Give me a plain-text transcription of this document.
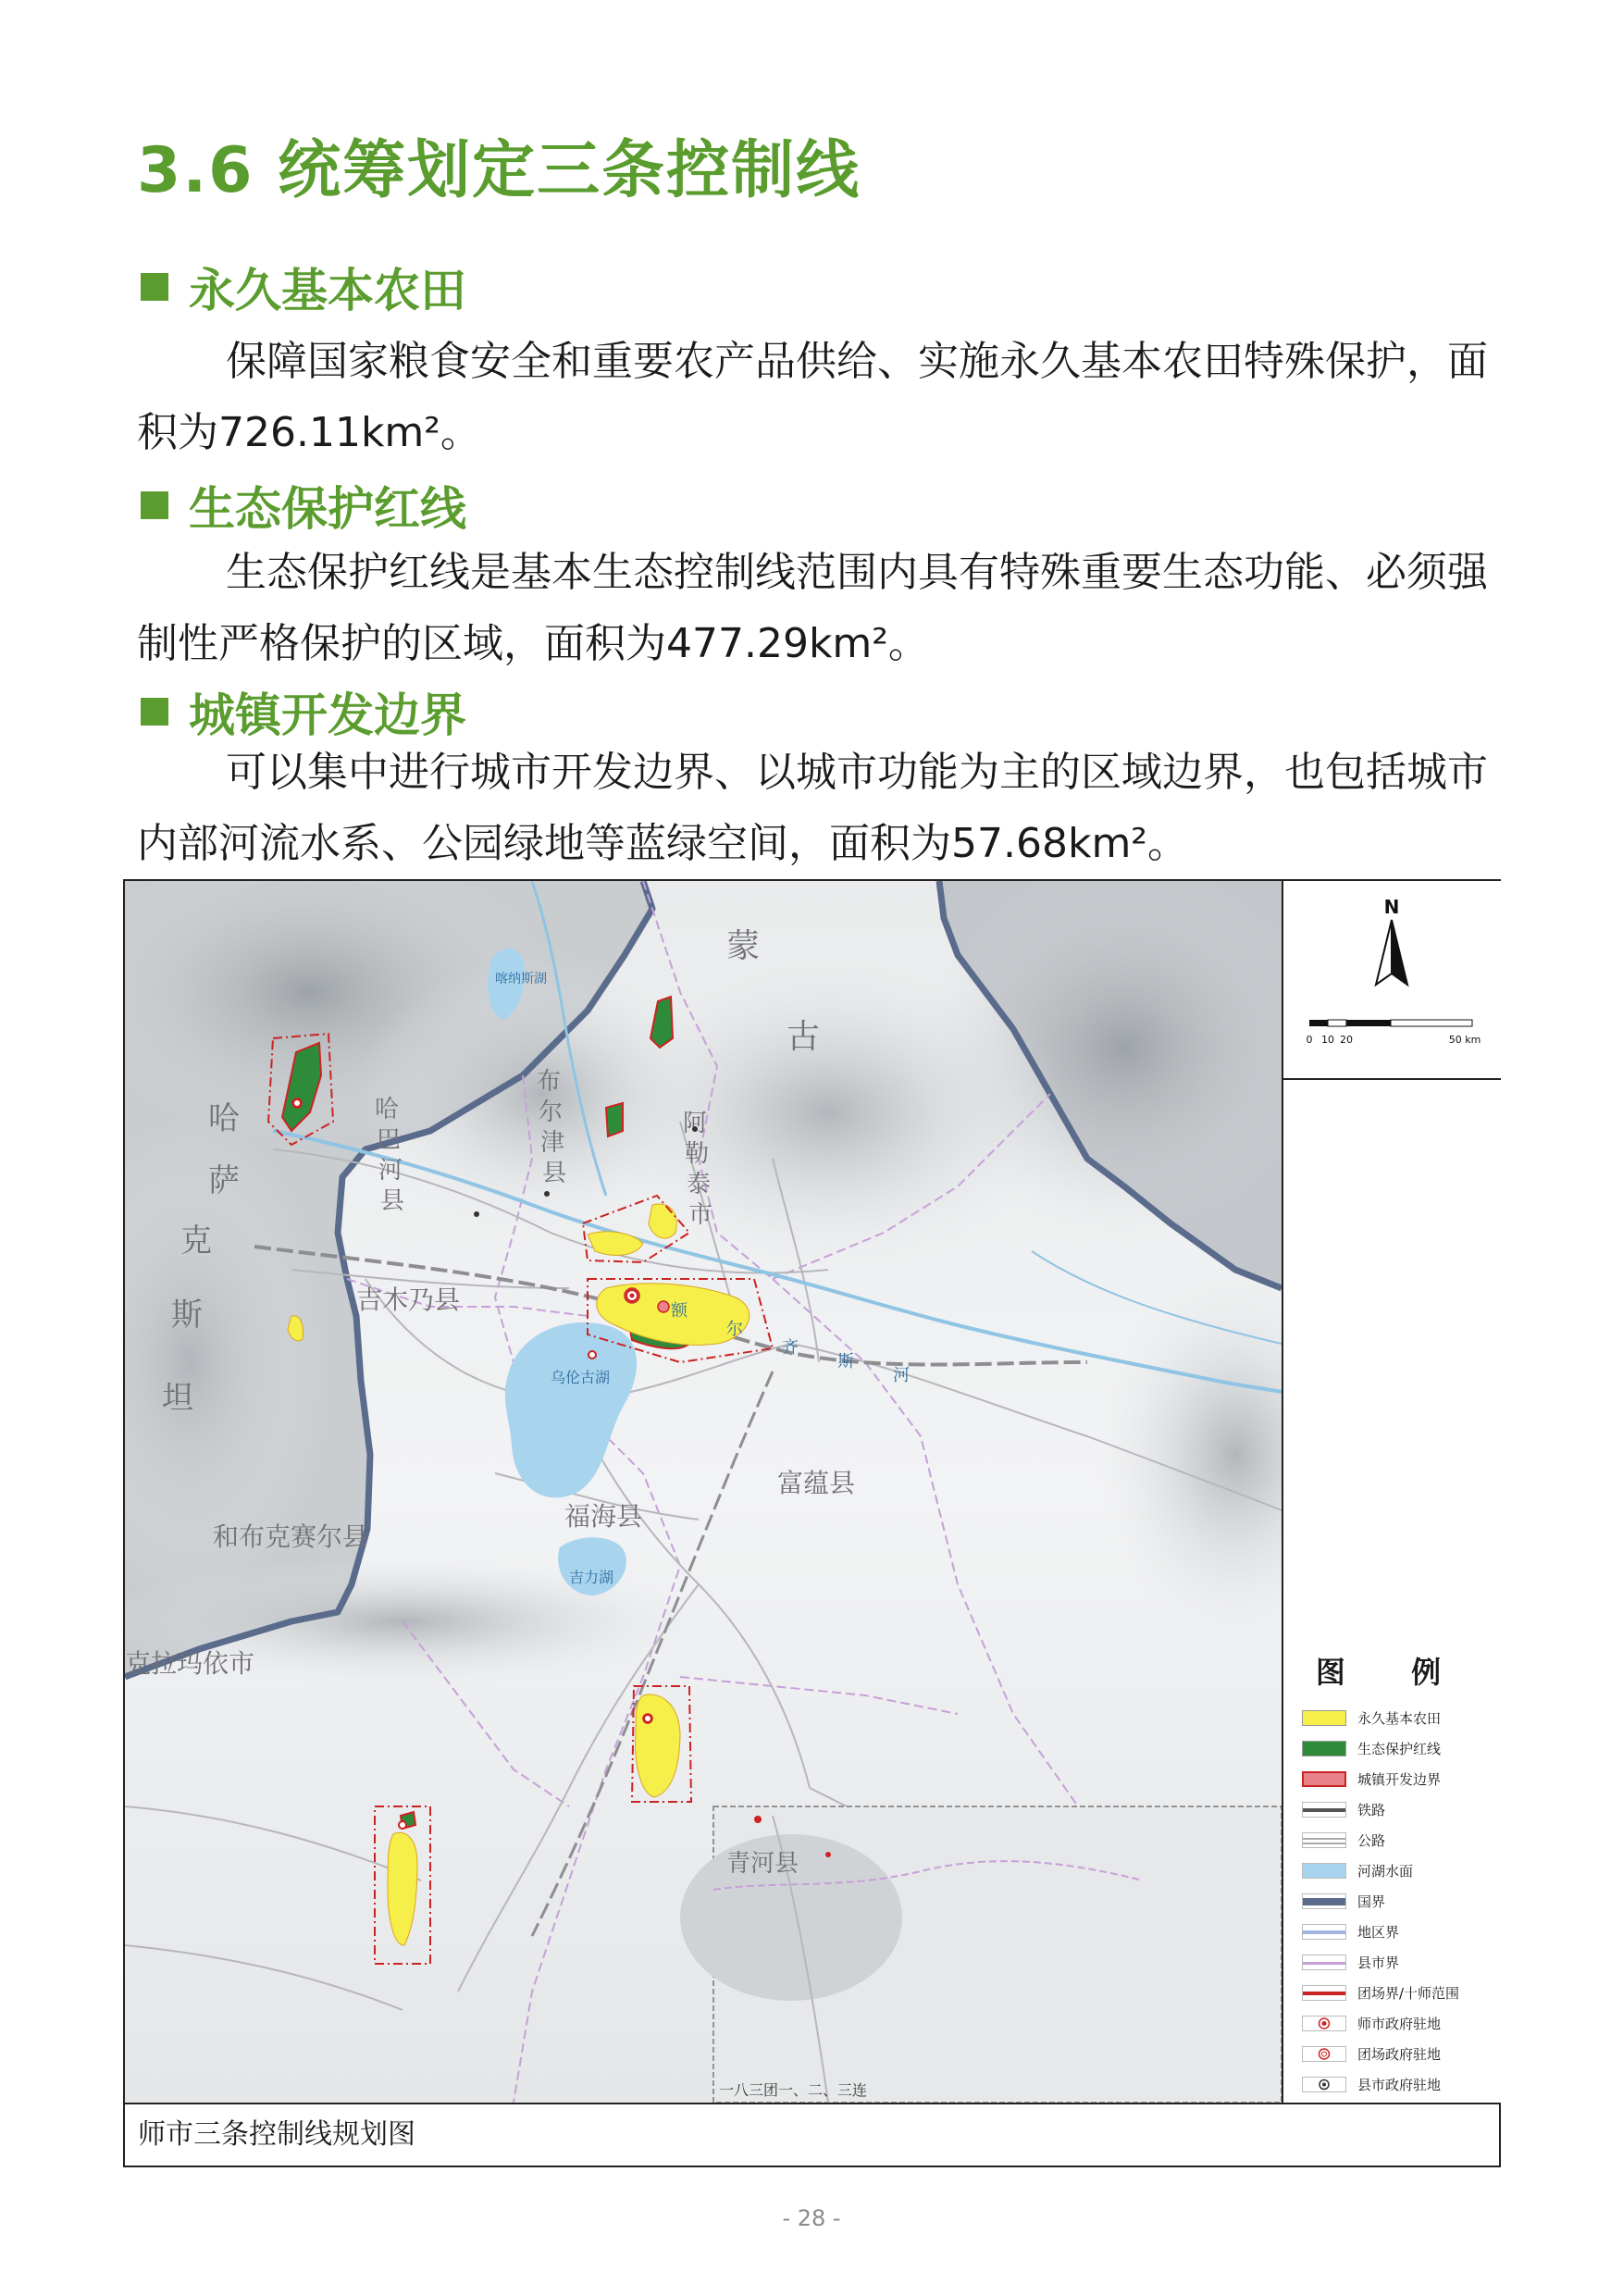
3.6 统筹划定三条控制线
永久基本农田

保障国家粮食安全和重要农产品供给、实施永久基本农田特殊保护，面积为726.11km²。

生态保护红线

生态保护红线是基本生态控制线范围内具有特殊重要生态功能、必须强制性严格保护的区域，面积为477.29km²。

城镇开发边界

可以集中进行城市开发边界、以城市功能为主的区域边界，也包括城市内部河流水系、公园绿地等蓝绿空间，面积为57.68km²。

蒙
古
哈
萨
克
斯
坦
布
尔
津
县
哈
巴
河
县
阿
勒
泰
市
吉木乃县
福海县
富蕴县
和布克赛尔县
克拉玛依市
青河县
乌伦古湖
吉力湖
喀纳斯湖
额
尔
齐
斯
河
一八三团一、二、三连
N
0 10 20	50 km

图 例

永久基本农田
生态保护红线
城镇开发边界
铁路
公路
河湖水面
国界
地区界
县市界
团场界/十师范围
师市政府驻地
团场政府驻地
县市政府驻地
师市三条控制线规划图
- 28 -
